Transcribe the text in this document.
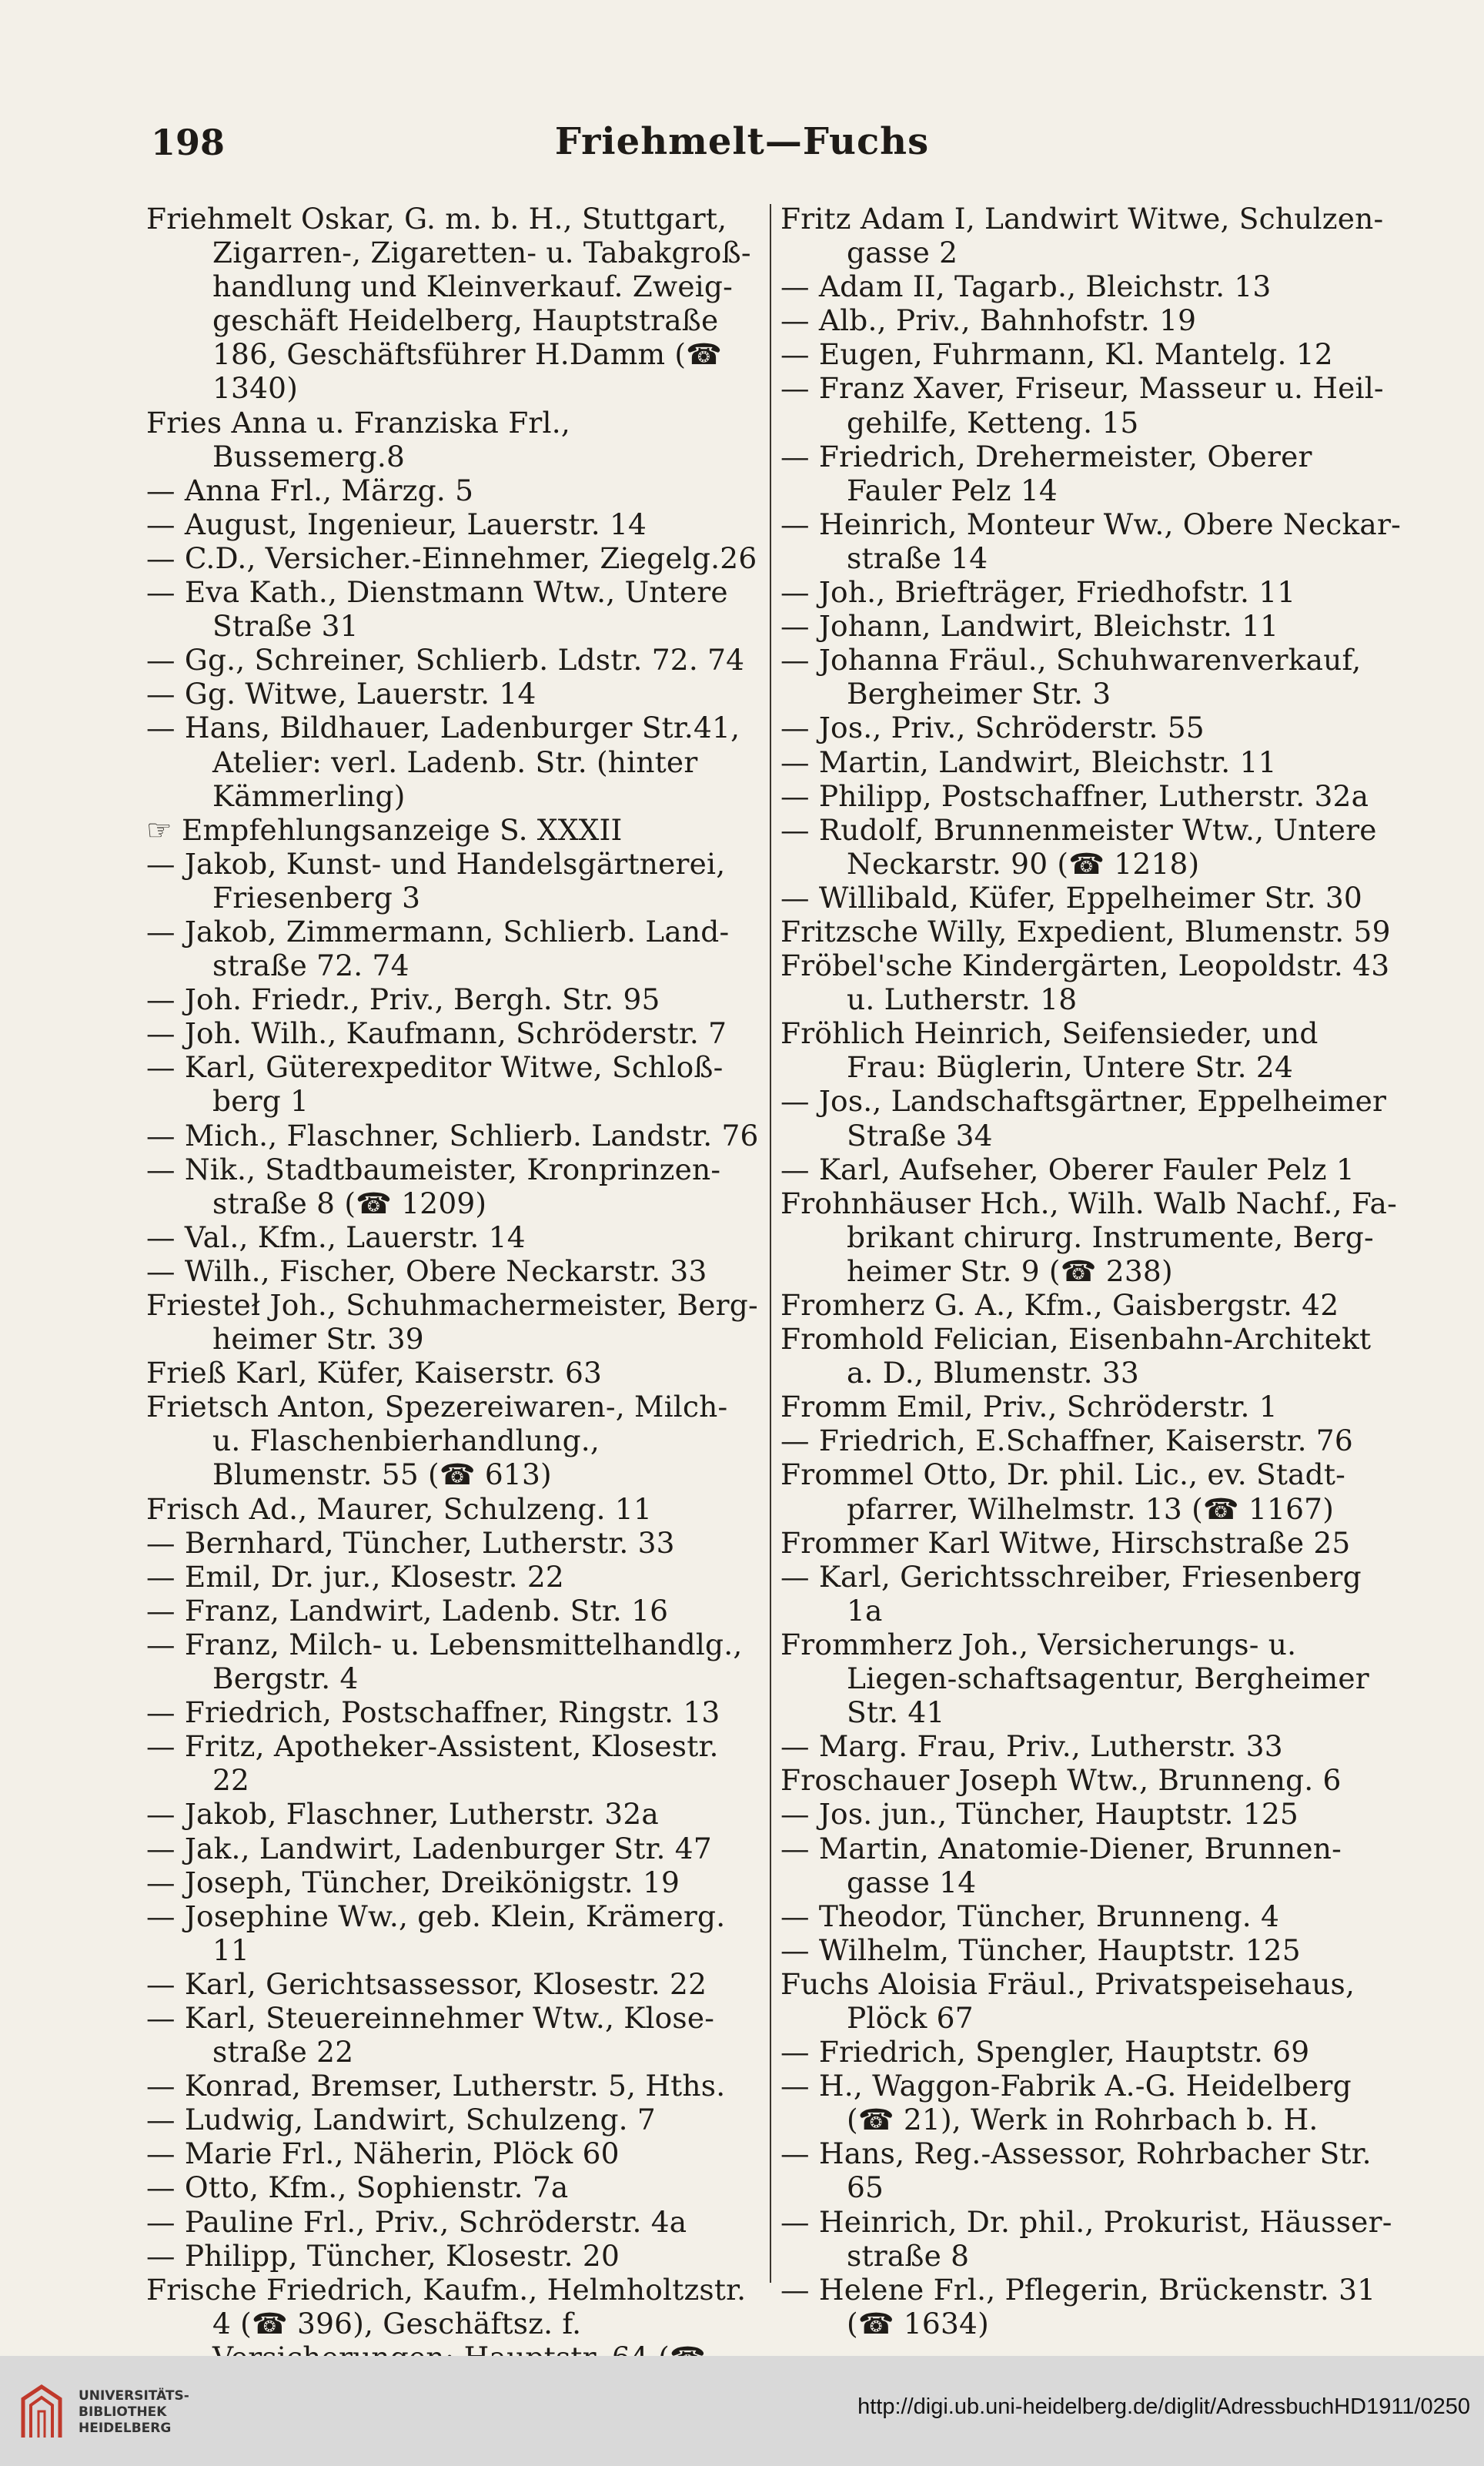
198	Friehmelt—Fuchs

Friehmelt Oskar, G. m. b. H., Stuttgart, Zigarren-, Zigaretten- u. Tabakgroß-handlung und Kleinverkauf. Zweig-geschäft Heidelberg, Hauptstraße 186, Geschäftsführer H.Damm (☎ 1340)

Fries Anna u. Franziska Frl., Bussemerg.8

— Anna Frl., Märzg. 5

— August, Ingenieur, Lauerstr. 14

— C.D., Versicher.-Einnehmer, Ziegelg.26

— Eva Kath., Dienstmann Wtw., Untere Straße 31

— Gg., Schreiner, Schlierb. Ldstr. 72. 74

— Gg. Witwe, Lauerstr. 14

— Hans, Bildhauer, Ladenburger Str.41, Atelier: verl. Ladenb. Str. (hinter Kämmerling)

☞ Empfehlungsanzeige S. XXXII

— Jakob, Kunst- und Handelsgärtnerei, Friesenberg 3

— Jakob, Zimmermann, Schlierb. Land-straße 72. 74

— Joh. Friedr., Priv., Bergh. Str. 95

— Joh. Wilh., Kaufmann, Schröderstr. 7

— Karl, Güterexpeditor Witwe, Schloß-berg 1

— Mich., Flaschner, Schlierb. Landstr. 76

— Nik., Stadtbaumeister, Kronprinzen-straße 8 (☎ 1209)

— Val., Kfm., Lauerstr. 14

— Wilh., Fischer, Obere Neckarstr. 33

Friesteł Joh., Schuhmachermeister, Berg-heimer Str. 39

Frieß Karl, Küfer, Kaiserstr. 63

Frietsch Anton, Spezereiwaren-, Milch- u. Flaschenbierhandlung., Blumenstr. 55 (☎ 613)

Frisch Ad., Maurer, Schulzeng. 11

— Bernhard, Tüncher, Lutherstr. 33

— Emil, Dr. jur., Klosestr. 22

— Franz, Landwirt, Ladenb. Str. 16

— Franz, Milch- u. Lebensmittelhandlg., Bergstr. 4

— Friedrich, Postschaffner, Ringstr. 13

— Fritz, Apotheker-Assistent, Klosestr. 22

— Jakob, Flaschner, Lutherstr. 32a

— Jak., Landwirt, Ladenburger Str. 47

— Joseph, Tüncher, Dreikönigstr. 19

— Josephine Ww., geb. Klein, Krämerg. 11

— Karl, Gerichtsassessor, Klosestr. 22

— Karl, Steuereinnehmer Wtw., Klose-straße 22

— Konrad, Bremser, Lutherstr. 5, Hths.

— Ludwig, Landwirt, Schulzeng. 7

— Marie Frl., Näherin, Plöck 60

— Otto, Kfm., Sophienstr. 7a

— Pauline Frl., Priv., Schröderstr. 4a

— Philipp, Tüncher, Klosestr. 20

Frische Friedrich, Kaufm., Helmholtzstr. 4 (☎ 396), Geschäftsz. f.

Fritz Adam I, Landwirt Witwe, Schulzen-gasse 2

— Adam II, Tagarb., Bleichstr. 13

— Alb., Priv., Bahnhofstr. 19

— Eugen, Fuhrmann, Kl. Mantelg. 12

— Franz Xaver, Friseur, Masseur u. Heil-gehilfe, Ketteng. 15

— Friedrich, Drehermeister, Oberer Fauler Pelz 14

— Heinrich, Monteur Ww., Obere Neckar-straße 14

— Joh., Briefträger, Friedhofstr. 11

— Johann, Landwirt, Bleichstr. 11

— Johanna Fräul., Schuhwarenverkauf, Bergheimer Str. 3

— Jos., Priv., Schröderstr. 55

— Martin, Landwirt, Bleichstr. 11

— Philipp, Postschaffner, Lutherstr. 32a

— Rudolf, Brunnenmeister Wtw., Untere Neckarstr. 90 (☎ 1218)

— Willibald, Küfer, Eppelheimer Str. 30

Fritzsche Willy, Expedient, Blumenstr. 59

Fröbel'sche Kindergärten, Leopoldstr. 43 u. Lutherstr. 18

Fröhlich Heinrich, Seifensieder, und Frau: Büglerin, Untere Str. 24

— Jos., Landschaftsgärtner, Eppelheimer Straße 34

— Karl, Aufseher, Oberer Fauler Pelz 1

Frohnhäuser Hch., Wilh. Walb Nachf., Fa-brikant chirurg. Instrumente, Berg-heimer Str. 9 (☎ 238)

Fromherz G. A., Kfm., Gaisbergstr. 42

Fromhold Felician, Eisenbahn-Architekt a. D., Blumenstr. 33

Fromm Emil, Priv., Schröderstr. 1

— Friedrich, E.Schaffner, Kaiserstr. 76

Frommel Otto, Dr. phil. Lic., ev. Stadt-pfarrer, Wilhelmstr. 13 (☎ 1167)

Frommer Karl Witwe, Hirschstraße 25

— Karl, Gerichtsschreiber, Friesenberg 1a

Frommherz Joh., Versicherungs- u. Liegen-schaftsagentur, Bergheimer Str. 41

— Marg. Frau, Priv., Lutherstr. 33

Froschauer Joseph Wtw., Brunneng. 6

— Jos. jun., Tüncher, Hauptstr. 125

— Martin, Anatomie-Diener, Brunnen-gasse 14

— Theodor, Tüncher, Brunneng. 4

— Wilhelm, Tüncher, Hauptstr. 125

Fuchs Aloisia Fräul., Privatspeisehaus, Plöck 67

— Friedrich, Spengler, Hauptstr. 69

— H., Waggon-Fabrik A.-G. Heidelberg (☎ 21), Werk in Rohrbach b. H.

— Hans, Reg.-Assessor, Rohrbacher Str. 65

— Heinrich, Dr. phil., Prokurist, Häusser-straße 8

— Helene Frl., Pflegerin, Brückenstr. 31 (☎ 1634)

UNIVERSITÄTS-
BIBLIOTHEK
HEIDELBERG
http://digi.ub.uni-heidelberg.de/diglit/AdressbuchHD1911/0250
